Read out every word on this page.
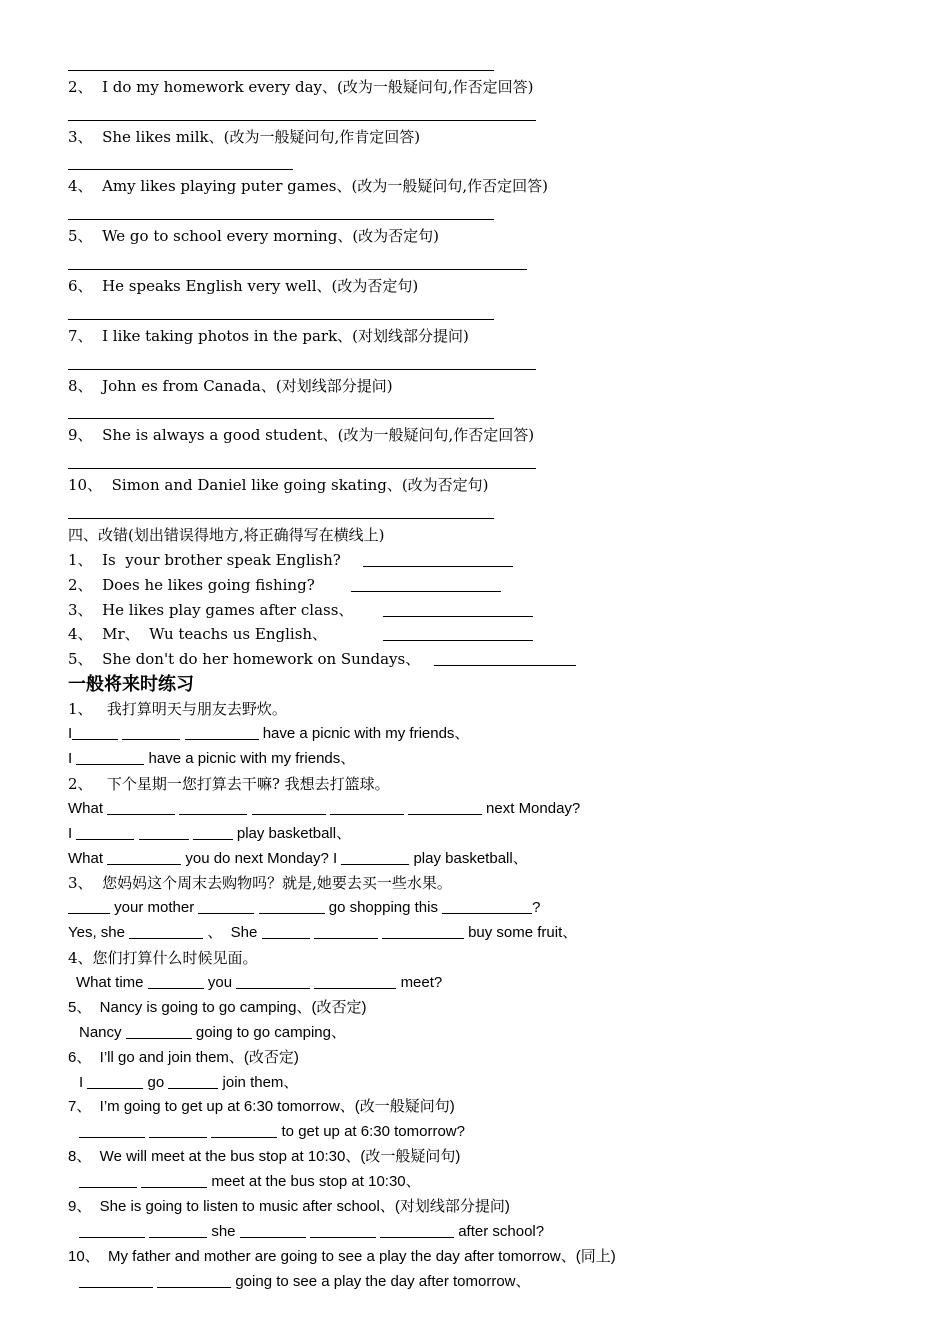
2、  I do my homework every day、(改为一般疑问句,作否定回答)
3、  She likes milk、(改为一般疑问句,作肯定回答)
4、  Amy likes playing puter games、(改为一般疑问句,作否定回答)
5、  We go to school every morning、(改为否定句)
6、  He speaks English very well、(改为否定句)
7、  I like taking photos in the park、(对划线部分提问)
8、  John es from Canada、(对划线部分提问)
9、  She is always a good student、(改为一般疑问句,作否定回答)
10、  Simon and Daniel like going skating、(改为否定句)
四、改错(划出错误得地方,将正确得写在横线上)
1、  Is  your brother speak English?
2、  Does he likes going fishing?
3、  He likes play games after class、
4、  Mr、  Wu teachs us English、
5、  She don't do her homework on Sundays、
一般将来时练习
1、   我打算明天与朋友去野炊。
I	have a picnic with my friends、
I	have a picnic with my friends、
2、   下个星期一您打算去干嘛? 我想去打篮球。
What	next Monday?
I	play basketball、
What	you do next Monday? I	play basketball、
3、  您妈妈这个周末去购物吗？就是,她要去买一些水果。
your mother	go shopping this	?
Yes, she	、  She	buy some fruit、
4、您们打算什么时候见面。
What time	you	meet?
5、  Nancy is going to go camping、(改否定)
Nancy	going to go camping、
6、  I’ll go and join them、(改否定)
I	go	join them、
7、  I’m going to get up at 6:30 tomorrow、(改一般疑问句)
to get up at 6:30 tomorrow?
8、  We will meet at the bus stop at 10:30、(改一般疑问句)
meet at the bus stop at 10:30、
9、  She is going to listen to music after school、(对划线部分提问)
she	after school?
10、  My father and mother are going to see a play the day after tomorrow、(同上)
going to see a play the day after tomorrow、
